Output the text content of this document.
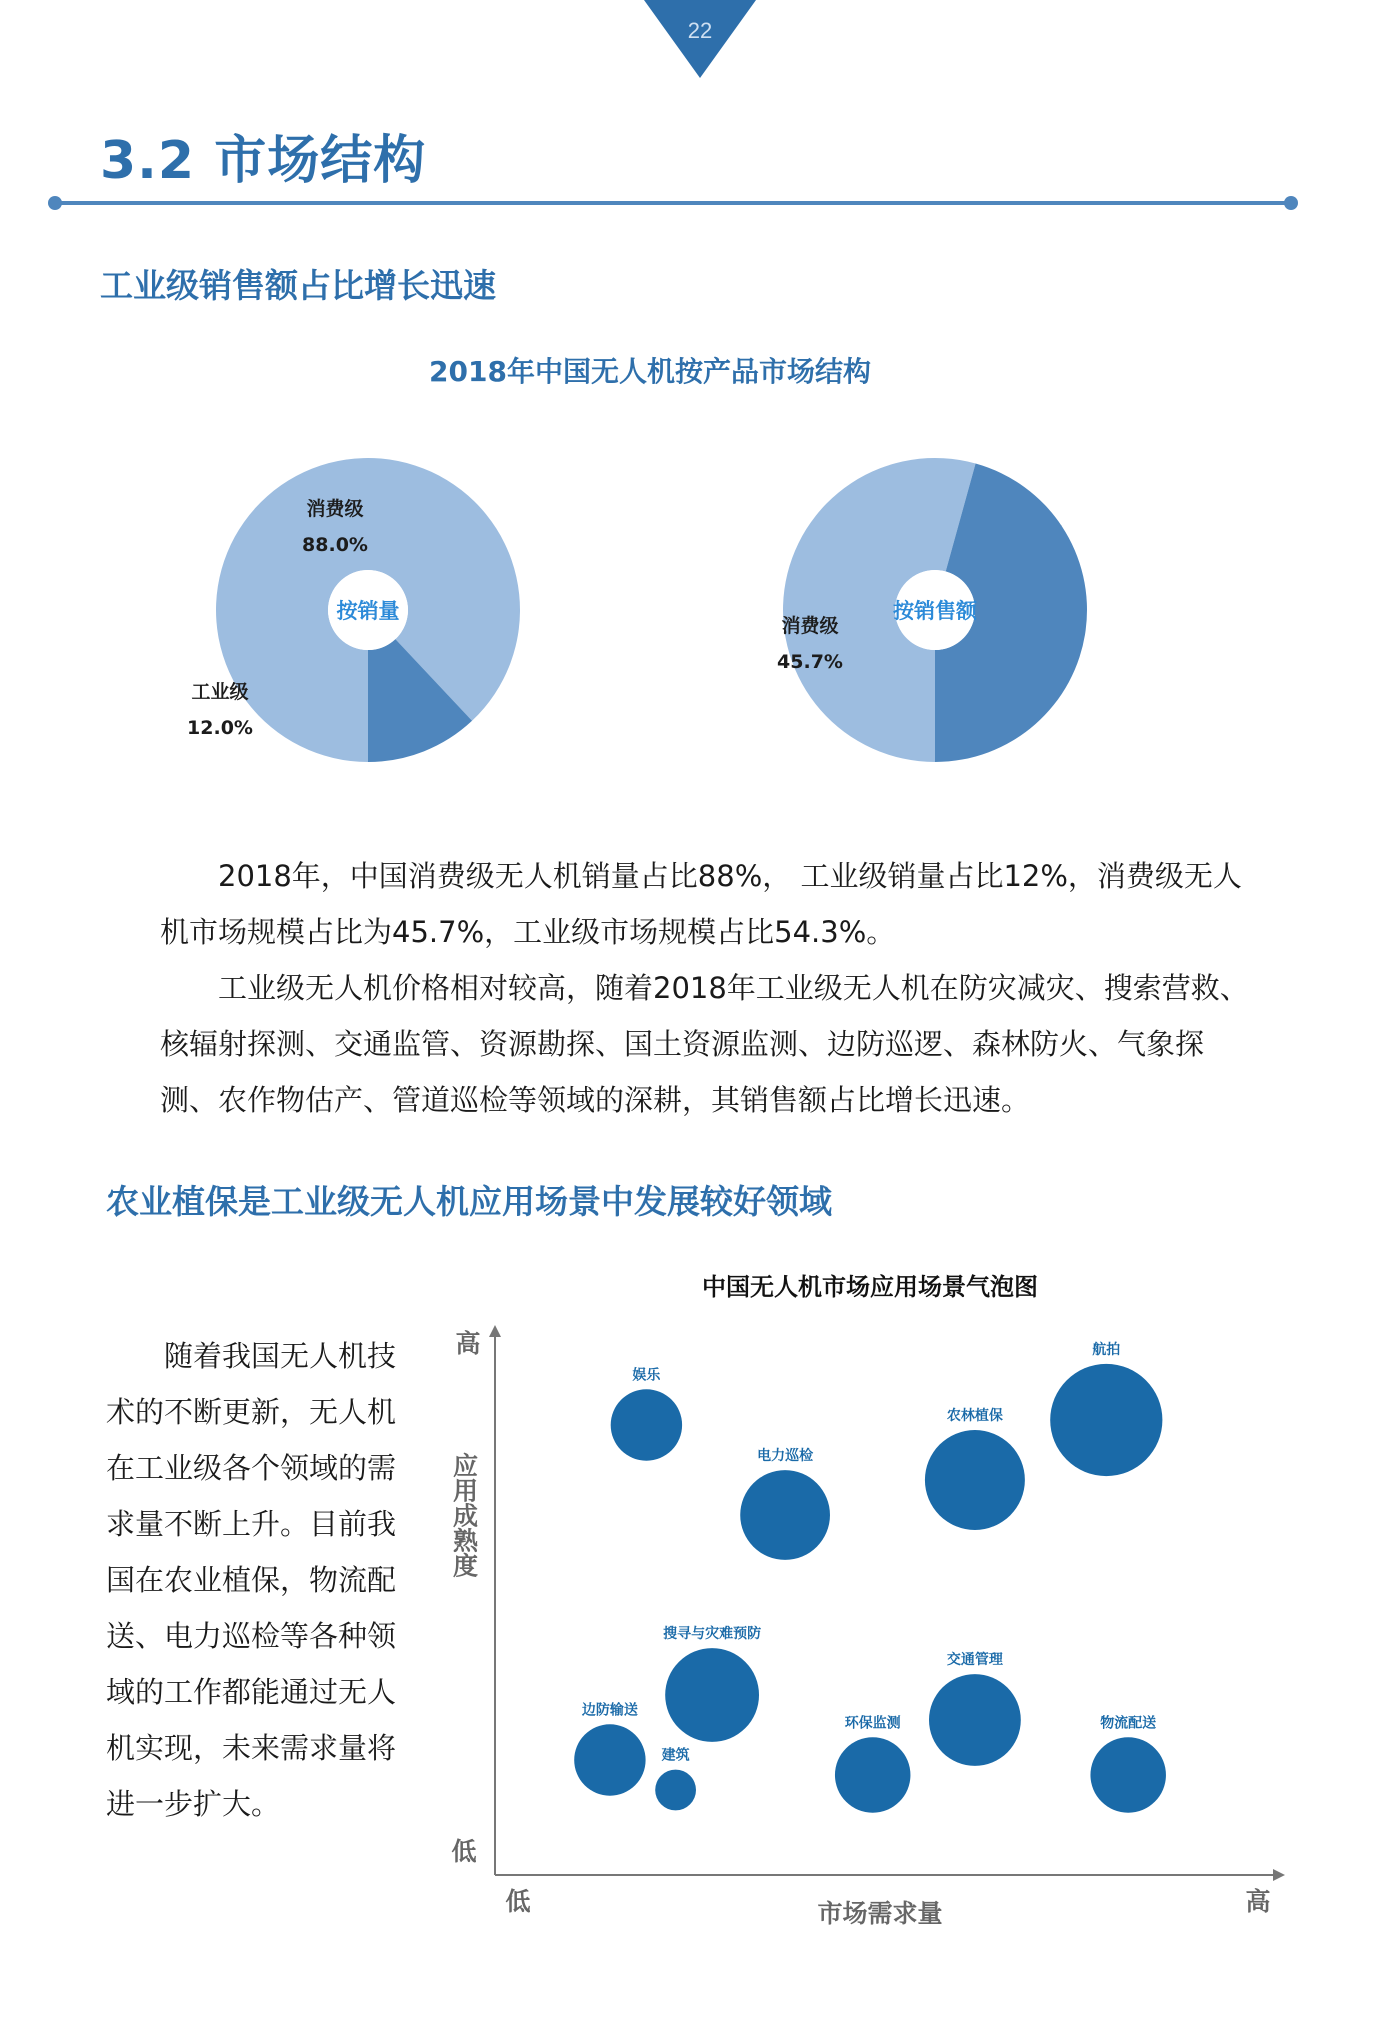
22
3.2 市场结构
工业级销售额占比增长迅速
2018年中国无人机按产品市场结构
消费级
88.0%
工业级
12.0%
按销量
消费级
45.7%
按销售额
2018年，中国消费级无人机销量占比88%， 工业级销量占比12%，消费级无人机市场规模占比为45.7%，工业级市场规模占比54.3%。
工业级无人机价格相对较高，随着2018年工业级无人机在防灾减灾、搜索营救、核辐射探测、交通监管、资源勘探、国土资源监测、边防巡逻、森林防火、气象探测、农作物估产、管道巡检等领域的深耕，其销售额占比增长迅速。
农业植保是工业级无人机应用场景中发展较好领域
随着我国无人机技术的不断更新，无人机在工业级各个领域的需求量不断上升。目前我国在农业植保，物流配送、电力巡检等各种领域的工作都能通过无人机实现，未来需求量将进一步扩大。
中国无人机市场应用场景气泡图
高
低
低	高
市场需求量
应用成熟度
娱乐
电力巡检
农林植保
航拍
搜寻与灾难预防
边防输送
建筑
环保监测
交通管理
物流配送
